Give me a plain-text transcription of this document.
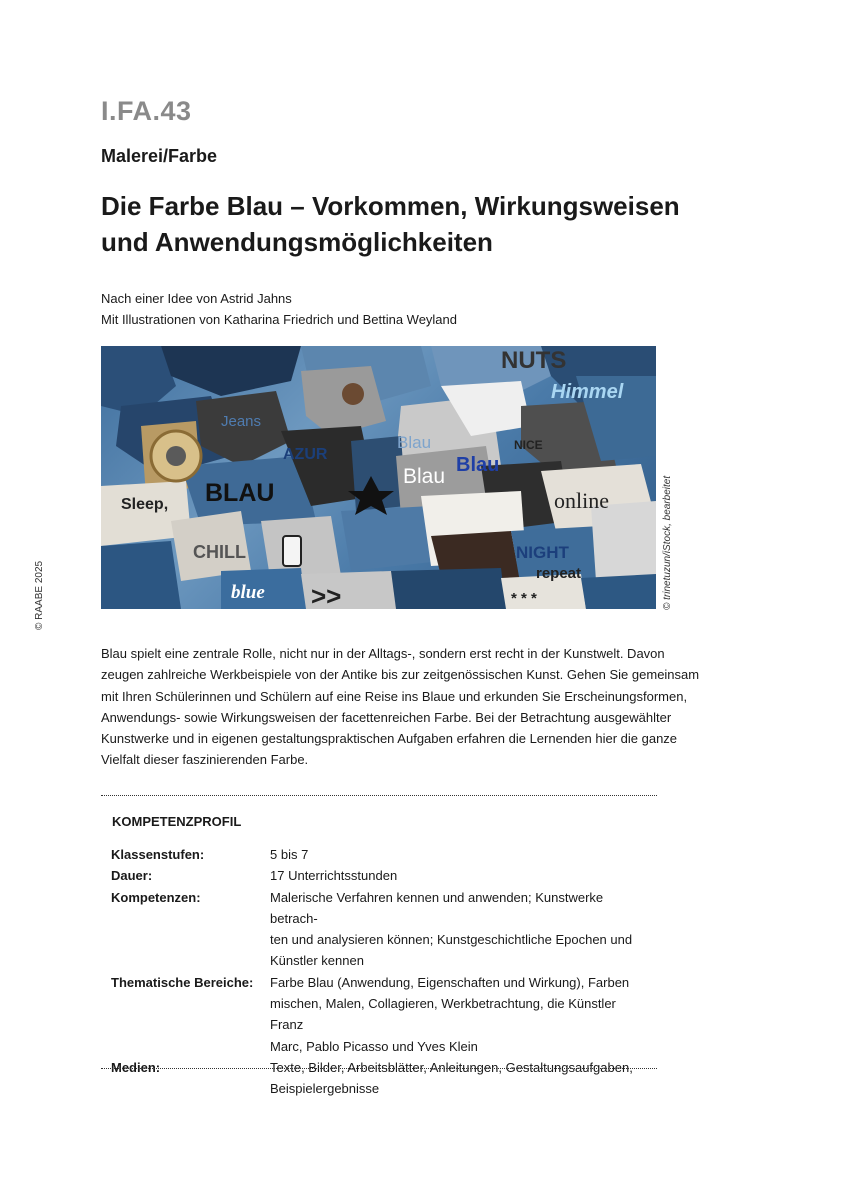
I.FA.43
Malerei/Farbe
Die Farbe Blau – Vorkommen, Wirkungsweisen
und Anwendungsmöglichkeiten
Nach einer Idee von Astrid Jahns
Mit Illustrationen von Katharina Friedrich und Bettina Weyland
© RAABE 2025
Jeans
AZUR
Blau
Blau Blau
BLAU
Sleep,
CHILL
blue
Himmel
NICE
online
NIGHT
repeat
NUTS
* * *
>>	© trinetuzun/iStock, bearbeitet
Blau spielt eine zentrale Rolle, nicht nur in der Alltags-, sondern erst recht in der Kunstwelt. Davon
zeugen zahlreiche Werkbeispiele von der Antike bis zur zeitgenössischen Kunst. Gehen Sie gemeinsam
mit Ihren Schülerinnen und Schülern auf eine Reise ins Blaue und erkunden Sie Erscheinungsformen,
Anwendungs- sowie Wirkungsweisen der facettenreichen Farbe. Bei der Betrachtung ausgewählter
Kunstwerke und in eigenen gestaltungspraktischen Aufgaben erfahren die Lernenden hier die ganze
Vielfalt dieser faszinierenden Farbe.
KOMPETENZPROFIL
Klassenstufen:	5 bis 7
Dauer:	17 Unterrichtsstunden
Kompetenzen:	Malerische Verfahren kennen und anwenden; Kunstwerke betrach-
ten und analysieren können; Kunstgeschichtliche Epochen und
Künstler kennen
Thematische Bereiche:	Farbe Blau (Anwendung, Eigenschaften und Wirkung), Farben
mischen, Malen, Collagieren, Werkbetrachtung, die Künstler Franz
Marc, Pablo Picasso und Yves Klein
Medien:	Texte, Bilder, Arbeitsblätter, Anleitungen, Gestaltungsaufgaben,
Beispielergebnisse
